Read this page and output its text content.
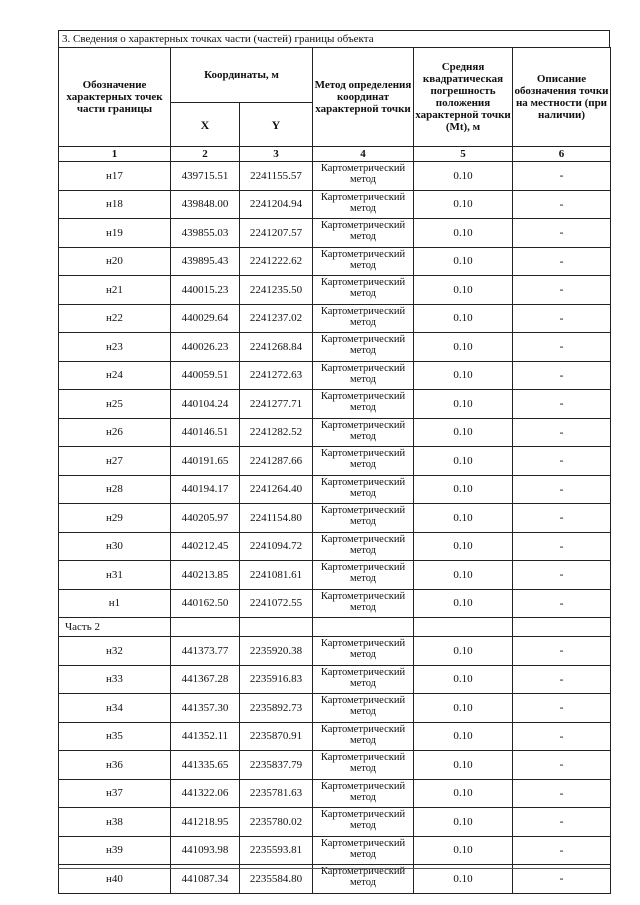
3. Сведения о характерных точках части (частей) границы объекта
Обозначение характерных точек части границы	Координаты, м		Метод определения координат характерной точки	Средняя квадратическая погрешность положения характерной точки (Mt), м	Описание обозначения точки на местности (при наличии)
	X	Y			
1	2	3	4	5	6
н17	439715.51	2241155.57	Картометрический метод	0.10	-
н18	439848.00	2241204.94	Картометрический метод	0.10	-
н19	439855.03	2241207.57	Картометрический метод	0.10	-
н20	439895.43	2241222.62	Картометрический метод	0.10	-
н21	440015.23	2241235.50	Картометрический метод	0.10	-
н22	440029.64	2241237.02	Картометрический метод	0.10	-
н23	440026.23	2241268.84	Картометрический метод	0.10	-
н24	440059.51	2241272.63	Картометрический метод	0.10	-
н25	440104.24	2241277.71	Картометрический метод	0.10	-
н26	440146.51	2241282.52	Картометрический метод	0.10	-
н27	440191.65	2241287.66	Картометрический метод	0.10	-
н28	440194.17	2241264.40	Картометрический метод	0.10	-
н29	440205.97	2241154.80	Картометрический метод	0.10	-
н30	440212.45	2241094.72	Картометрический метод	0.10	-
н31	440213.85	2241081.61	Картометрический метод	0.10	-
н1	440162.50	2241072.55	Картометрический метод	0.10	-
Часть 2					
н32	441373.77	2235920.38	Картометрический метод	0.10	-
н33	441367.28	2235916.83	Картометрический метод	0.10	-
н34	441357.30	2235892.73	Картометрический метод	0.10	-
н35	441352.11	2235870.91	Картометрический метод	0.10	-
н36	441335.65	2235837.79	Картометрический метод	0.10	-
н37	441322.06	2235781.63	Картометрический метод	0.10	-
н38	441218.95	2235780.02	Картометрический метод	0.10	-
н39	441093.98	2235593.81	Картометрический метод	0.10	-
н40	441087.34	2235584.80	Картометрический метод	0.10	-
